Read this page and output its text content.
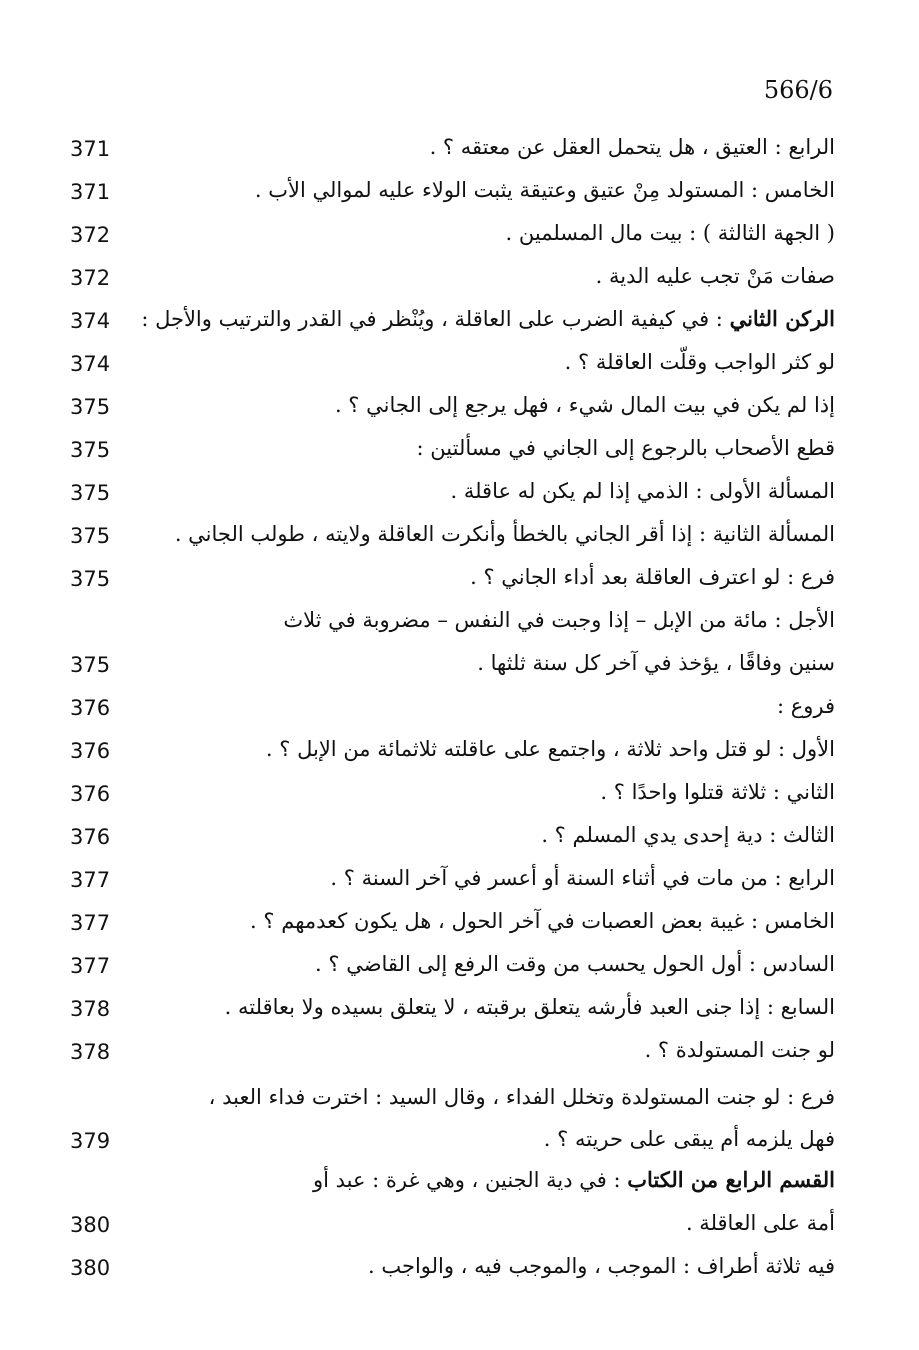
566/6
الرابع : العتيق ، هل يتحمل العقل عن معتقه ؟ .
371
الخامس : المستولد مِنْ عتيق وعتيقة يثبت الولاء عليه لموالي الأب .
371
( الجهة الثالثة ) : بيت مال المسلمين .
372
صفات مَنْ تجب عليه الدية .
372
الركن الثاني : في كيفية الضرب على العاقلة ، ويُنْظر في القدر والترتيب والأجل :
374
لو كثر الواجب وقلّت العاقلة ؟ .
374
إذا لم يكن في بيت المال شيء ، فهل يرجع إلى الجاني ؟ .
375
قطع الأصحاب بالرجوع إلى الجاني في مسألتين :
375
المسألة الأولى : الذمي إذا لم يكن له عاقلة .
375
المسألة الثانية : إذا أقر الجاني بالخطأ وأنكرت العاقلة ولايته ، طولب الجاني .
375
فرع : لو اعترف العاقلة بعد أداء الجاني ؟ .
375
الأجل : مائة من الإبل – إذا وجبت في النفس – مضروبة في ثلاث
سنين وفاقًا ، يؤخذ في آخر كل سنة ثلثها .
375
فروع :
376
الأول : لو قتل واحد ثلاثة ، واجتمع على عاقلته ثلاثمائة من الإبل ؟ .
376
الثاني : ثلاثة قتلوا واحدًا ؟ .
376
الثالث : دية إحدى يدي المسلم ؟ .
376
الرابع : من مات في أثناء السنة أو أعسر في آخر السنة ؟ .
377
الخامس : غيبة بعض العصبات في آخر الحول ، هل يكون كعدمهم ؟ .
377
السادس : أول الحول يحسب من وقت الرفع إلى القاضي ؟ .
377
السابع : إذا جنى العبد فأرشه يتعلق برقبته ، لا يتعلق بسيده ولا بعاقلته .
378
لو جنت المستولدة ؟ .
378
فرع : لو جنت المستولدة وتخلل الفداء ، وقال السيد : اخترت فداء العبد ،
فهل يلزمه أم يبقى على حريته ؟ .
379
القسم الرابع من الكتاب : في دية الجنين ، وهي غرة : عبد أو
أمة على العاقلة .
380
فيه ثلاثة أطراف : الموجب ، والموجب فيه ، والواجب .
380
